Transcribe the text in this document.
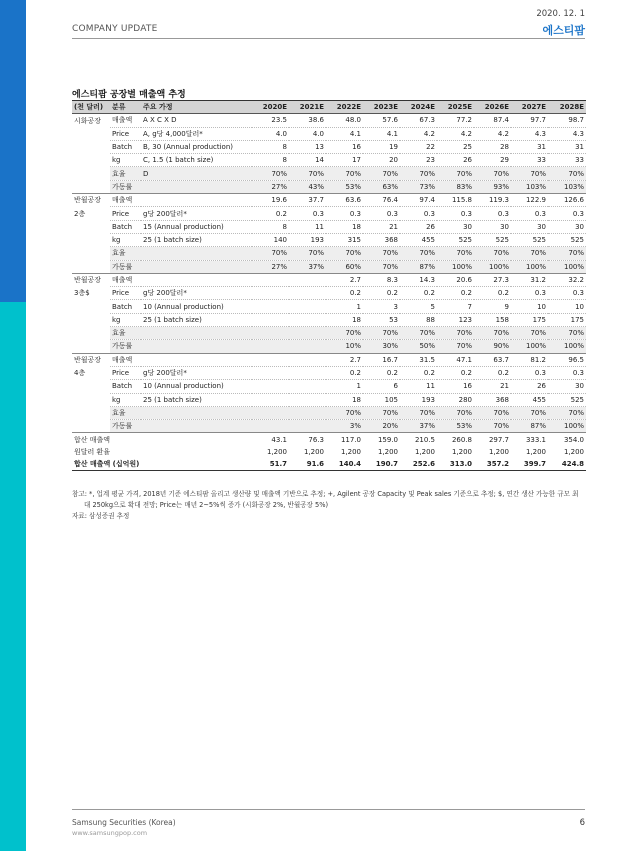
COMPANY UPDATE
2020. 12. 1
에스티팜
에스티팜 공장별 매출액 추정
(천 달러)	분류	주요 가정	2020E	2021E	2022E	2023E	2024E	2025E	2026E	2027E	2028E
시화공장	매출액	A X C X D	23.5	38.6	48.0	57.6	67.3	77.2	87.4	97.7	98.7
	Price	A, g당 4,000달러*	4.0	4.0	4.1	4.1	4.2	4.2	4.2	4.3	4.3
	Batch	B, 30 (Annual production)	8	13	16	19	22	25	28	31	31
	kg	C, 1.5 (1 batch size)	8	14	17	20	23	26	29	33	33
	효율	D	70%	70%	70%	70%	70%	70%	70%	70%	70%
	가동률		27%	43%	53%	63%	73%	83%	93%	103%	103%
반월공장	매출액		19.6	37.7	63.6	76.4	97.4	115.8	119.3	122.9	126.6
2층	Price	g당 200달러*	0.2	0.3	0.3	0.3	0.3	0.3	0.3	0.3	0.3
	Batch	15 (Annual production)	8	11	18	21	26	30	30	30	30
	kg	25 (1 batch size)	140	193	315	368	455	525	525	525	525
	효율		70%	70%	70%	70%	70%	70%	70%	70%	70%
	가동률		27%	37%	60%	70%	87%	100%	100%	100%	100%
반월공장	매출액				2.7	8.3	14.3	20.6	27.3	31.2	32.2
3층$	Price	g당 200달러*			0.2	0.2	0.2	0.2	0.2	0.3	0.3
	Batch	10 (Annual production)			1	3	5	7	9	10	10
	kg	25 (1 batch size)			18	53	88	123	158	175	175
	효율				70%	70%	70%	70%	70%	70%	70%
	가동률				10%	30%	50%	70%	90%	100%	100%
반월공장	매출액				2.7	16.7	31.5	47.1	63.7	81.2	96.5
4층	Price	g당 200달러*			0.2	0.2	0.2	0.2	0.2	0.3	0.3
	Batch	10 (Annual production)			1	6	11	16	21	26	30
	kg	25 (1 batch size)			18	105	193	280	368	455	525
	효율				70%	70%	70%	70%	70%	70%	70%
	가동률				3%	20%	37%	53%	70%	87%	100%
합산 매출액			43.1	76.3	117.0	159.0	210.5	260.8	297.7	333.1	354.0
원달러 환율			1,200	1,200	1,200	1,200	1,200	1,200	1,200	1,200	1,200
합산 매출액 (십억원)			51.7	91.6	140.4	190.7	252.6	313.0	357.2	399.7	424.8
참고: *, 업계 평균 가격, 2018년 기준 에스티팜 올리고 생산량 및 매출액 기반으로 추정; +, Agilent 공장 Capacity 및 Peak sales 기준으로 추정; $, 연간 생산 가능한 규모 최
대 250kg으로 확대 전망; Price는 매년 2~5%씩 증가 (시화공장 2%, 반월공장 5%)
자료: 삼성증권 추정
Samsung Securities (Korea)
www.samsungpop.com
6
